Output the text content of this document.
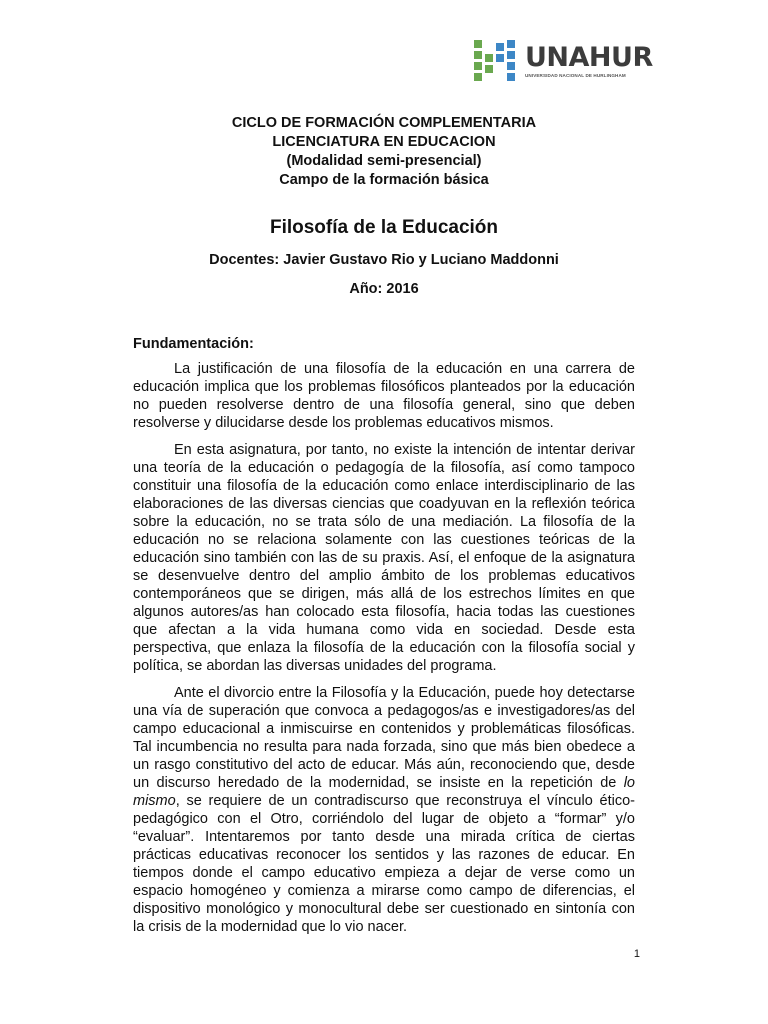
UNAHUR
UNIVERSIDAD NACIONAL DE HURLINGHAM
CICLO DE FORMACIÓN COMPLEMENTARIA
LICENCIATURA EN EDUCACION
(Modalidad semi-presencial)
Campo de la formación básica
Filosofía de la Educación
Docentes: Javier Gustavo Rio y Luciano Maddonni
Año: 2016
Fundamentación:

La justificación de una filosofía de la educación en una carrera de educación implica que los problemas filosóficos planteados por la educación no pueden resolverse dentro de una filosofía general, sino que deben resolverse y dilucidarse desde los problemas educativos mismos.

En esta asignatura, por tanto, no existe la intención de intentar derivar una teoría de la educación o pedagogía de la filosofía, así como tampoco constituir una filosofía de la educación como enlace interdisciplinario de las elaboraciones de las diversas ciencias que coadyuvan en la reflexión teórica sobre la educación, no se trata sólo de una mediación. La filosofía de la educación no se relaciona solamente con las cuestiones teóricas de la educación sino también con las de su praxis. Así, el enfoque de la asignatura se desenvuelve dentro del amplio ámbito de los problemas educativos contemporáneos que se dirigen, más allá de los estrechos límites en que algunos autores/as han colocado esta filosofía, hacia todas las cuestiones que afectan a la vida humana como vida en sociedad. Desde esta perspectiva, que enlaza la filosofía de la educación con la filosofía social y política, se abordan las diversas unidades del programa.

Ante el divorcio entre la Filosofía y la Educación, puede hoy detectarse una vía de superación que convoca a pedagogos/as e investigadores/as del campo educacional a inmiscuirse en contenidos y problemáticas filosóficas. Tal incumbencia no resulta para nada forzada, sino que más bien obedece a un rasgo constitutivo del acto de educar. Más aún, reconociendo que, desde un discurso heredado de la modernidad, se insiste en la repetición de lo mismo, se requiere de un contradiscurso que reconstruya el vínculo ético-pedagógico con el Otro, corriéndolo del lugar de objeto a “formar” y/o “evaluar”. Intentaremos por tanto desde una mirada crítica de ciertas prácticas educativas reconocer los sentidos y las razones de educar. En tiempos donde el campo educativo empieza a dejar de verse como un espacio homogéneo y comienza a mirarse como campo de diferencias, el dispositivo monológico y monocultural debe ser cuestionado en sintonía con la crisis de la modernidad que lo vio nacer.

1
